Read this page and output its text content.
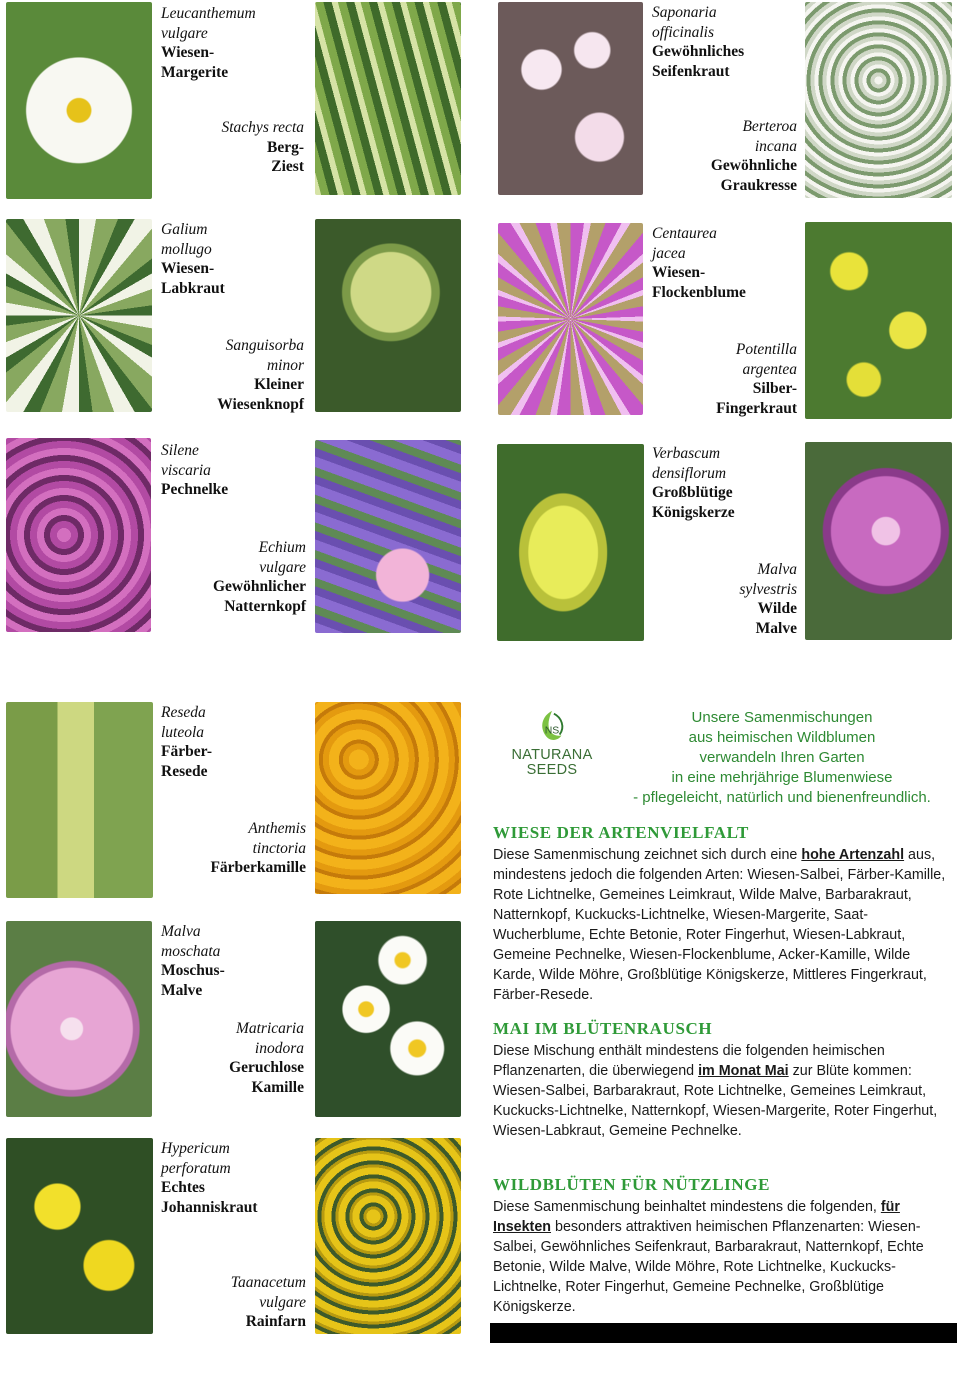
Leucanthemum
vulgare
Wiesen-
Margerite
Stachys recta
Berg-
Ziest
Saponaria
officinalis
Gewöhnliches
Seifenkraut
Berteroa
incana
Gewöhnliche
Graukresse
Galium
mollugo
Wiesen-
Labkraut
Sanguisorba
minor
Kleiner
Wiesenknopf
Centaurea
jacea
Wiesen-
Flockenblume
Potentilla
argentea
Silber-
Fingerkraut
Silene
viscaria
Pechnelke
Echium
vulgare
Gewöhnlicher
Natternkopf
Verbascum
densiflorum
Großblütige
Königskerze
Malva
sylvestris
Wilde
Malve
Reseda
luteola
Färber-
Resede
Anthemis
tinctoria
Färberkamille
Malva
moschata
Moschus-
Malve
Matricaria
inodora
Geruchlose
Kamille
Hypericum
perforatum
Echtes
Johanniskraut
Taanacetum
vulgare
Rainfarn
NS
NATURANA
SEEDS
Unsere Samenmischungen
aus heimischen Wildblumen
verwandeln Ihren Garten
in eine mehrjährige Blumenwiese
- pflegeleicht, natürlich und bienenfreundlich.
WIESE DER ARTENVIELFALT
Diese Samenmischung zeichnet sich durch eine hohe Artenzahl aus, mindestens jedoch die folgenden Arten: Wiesen-Salbei, Färber-Kamille, Rote Lichtnelke, Gemeines Leimkraut, Wilde Malve, Barbarakraut, Natternkopf, Kuckucks-Lichtnelke, Wiesen-Margerite, Saat-Wucherblume, Echte Betonie, Roter Fingerhut, Wiesen-Labkraut, Gemeine Pechnelke, Wiesen-Flockenblume, Acker-Kamille, Wilde Karde, Wilde Möhre, Großblütige Königskerze, Mittleres Fingerkraut, Färber-Resede.
MAI IM BLÜTENRAUSCH
Diese Mischung enthält mindestens die folgenden heimischen Pflanzenarten, die überwiegend im Monat Mai zur Blüte kommen:
Wiesen-Salbei, Barbarakraut, Rote Lichtnelke, Gemeines Leimkraut, Kuckucks-Lichtnelke, Natternkopf, Wiesen-Margerite, Roter Fingerhut, Wiesen-Labkraut, Gemeine Pechnelke.
WILDBLÜTEN FÜR NÜTZLINGE
Diese Samenmischung beinhaltet mindestens die folgenden, für Insekten besonders attraktiven heimischen Pflanzenarten: Wiesen-Salbei, Gewöhnliches Seifenkraut, Barbarakraut, Natternkopf, Echte Betonie, Wilde Malve, Wilde Möhre, Rote Lichtnelke, Kuckucks-Lichtnelke, Roter Fingerhut, Gemeine Pechnelke, Großblütige Königskerze.
